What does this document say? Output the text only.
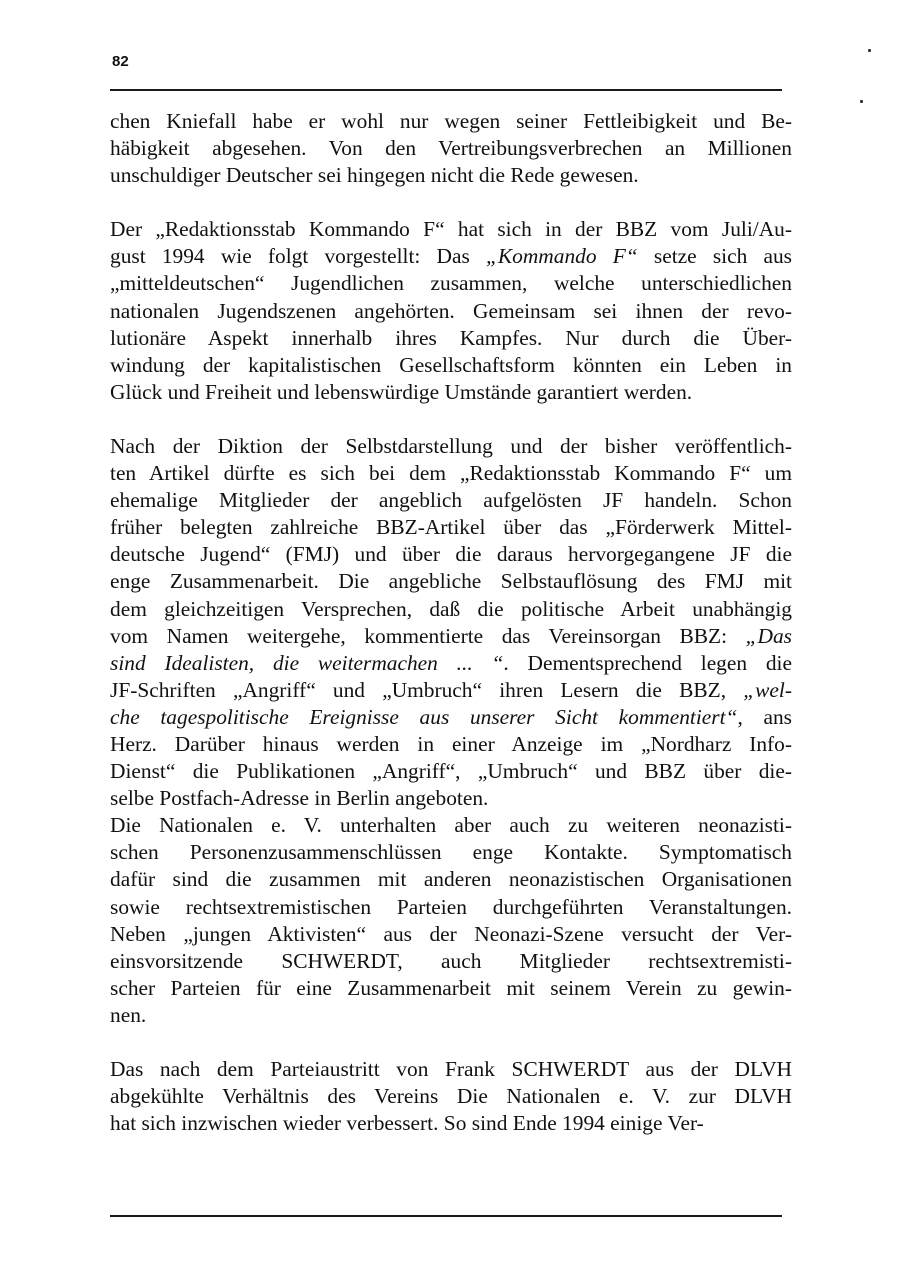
82
chen Kniefall habe er wohl nur wegen seiner Fettleibigkeit und Be-
häbigkeit abgesehen. Von den Vertreibungsverbrechen an Millionen
unschuldiger Deutscher sei hingegen nicht die Rede gewesen.
Der „Redaktionsstab Kommando F“ hat sich in der BBZ vom Juli/Au-
gust 1994 wie folgt vorgestellt: Das „Kommando F“ setze sich aus
„mitteldeutschen“ Jugendlichen zusammen, welche unterschiedlichen
nationalen Jugendszenen angehörten. Gemeinsam sei ihnen der revo-
lutionäre Aspekt innerhalb ihres Kampfes. Nur durch die Über-
windung der kapitalistischen Gesellschaftsform könnten ein Leben in
Glück und Freiheit und lebenswürdige Umstände garantiert werden.
Nach der Diktion der Selbstdarstellung und der bisher veröffentlich-
ten Artikel dürfte es sich bei dem „Redaktionsstab Kommando F“ um
ehemalige Mitglieder der angeblich aufgelösten JF handeln. Schon
früher belegten zahlreiche BBZ-Artikel über das „Förderwerk Mittel-
deutsche Jugend“ (FMJ) und über die daraus hervorgegangene JF die
enge Zusammenarbeit. Die angebliche Selbstauflösung des FMJ mit
dem gleichzeitigen Versprechen, daß die politische Arbeit unabhängig
vom Namen weitergehe, kommentierte das Vereinsorgan BBZ: „Das
sind Idealisten, die weitermachen ... “. Dementsprechend legen die
JF-Schriften „Angriff“ und „Umbruch“ ihren Lesern die BBZ, „wel-
che tagespolitische Ereignisse aus unserer Sicht kommentiert“, ans
Herz. Darüber hinaus werden in einer Anzeige im „Nordharz Info-
Dienst“ die Publikationen „Angriff“, „Umbruch“ und BBZ über die-
selbe Postfach-Adresse in Berlin angeboten.
Die Nationalen e. V. unterhalten aber auch zu weiteren neonazisti-
schen Personenzusammenschlüssen enge Kontakte. Symptomatisch
dafür sind die zusammen mit anderen neonazistischen Organisationen
sowie rechtsextremistischen Parteien durchgeführten Veranstaltungen.
Neben „jungen Aktivisten“ aus der Neonazi-Szene versucht der Ver-
einsvorsitzende SCHWERDT, auch Mitglieder rechtsextremisti-
scher Parteien für eine Zusammenarbeit mit seinem Verein zu gewin-
nen.
Das nach dem Parteiaustritt von Frank SCHWERDT aus der DLVH
abgekühlte Verhältnis des Vereins Die Nationalen e. V. zur DLVH
hat sich inzwischen wieder verbessert. So sind Ende 1994 einige Ver-
